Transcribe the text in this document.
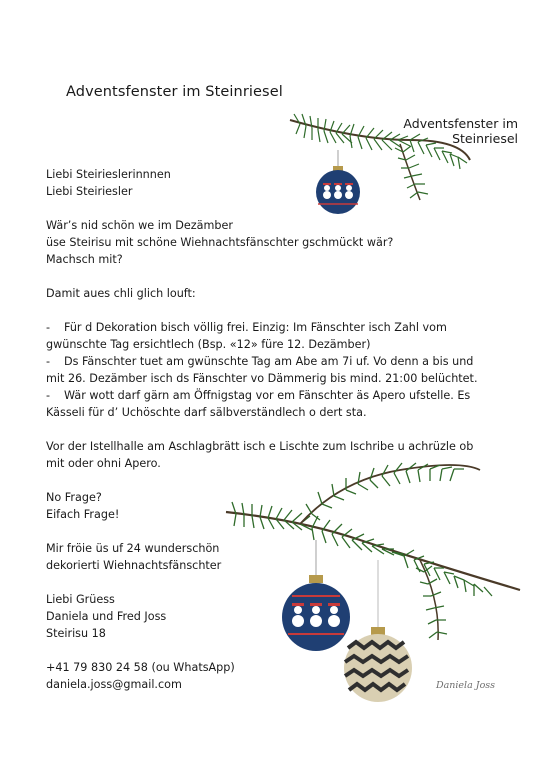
Adventsfenster im Steinriesel
Adventsfenster im
Steinriesel

Liebi Steirieslerinnnen

Liebi Steiriesler

Wär’s nid schön we im Dezämber

üse Steirisu mit schöne Wiehnachtsfänschter gschmückt wär?

Machsch mit?

Damit aues chli glich louft:

-	Für d Dekoration bisch völlig frei. Einzig: Im Fänschter isch Zahl vom

gwünschte Tag ersichtlech (Bsp. «12» füre 12. Dezämber)

-	Ds Fänschter tuet am gwünschte Tag am Abe am 7i uf. Vo denn a bis und

mit 26. Dezämber isch ds Fänschter vo Dämmerig bis mind. 21:00 belüchtet.

-	Wär wott darf gärn am Öffnigstag vor em Fänschter äs Apero ufstelle. Es

Kässeli für d’ Uchöschte darf sälbverständlech o dert sta.

Vor der Istellhalle am Aschlagbrätt isch e Lischte zum Ischribe u achrüzle ob

mit oder ohni Apero.

No Frage?

Eifach Frage!

Mir fröie üs uf 24 wunderschön

dekorierti Wiehnachtsfänschter

Liebi Grüess

Daniela und Fred Joss

Steirisu 18

+41 79 830 24 58 (ou WhatsApp)

daniela.joss@gmail.com	Daniela Joss
